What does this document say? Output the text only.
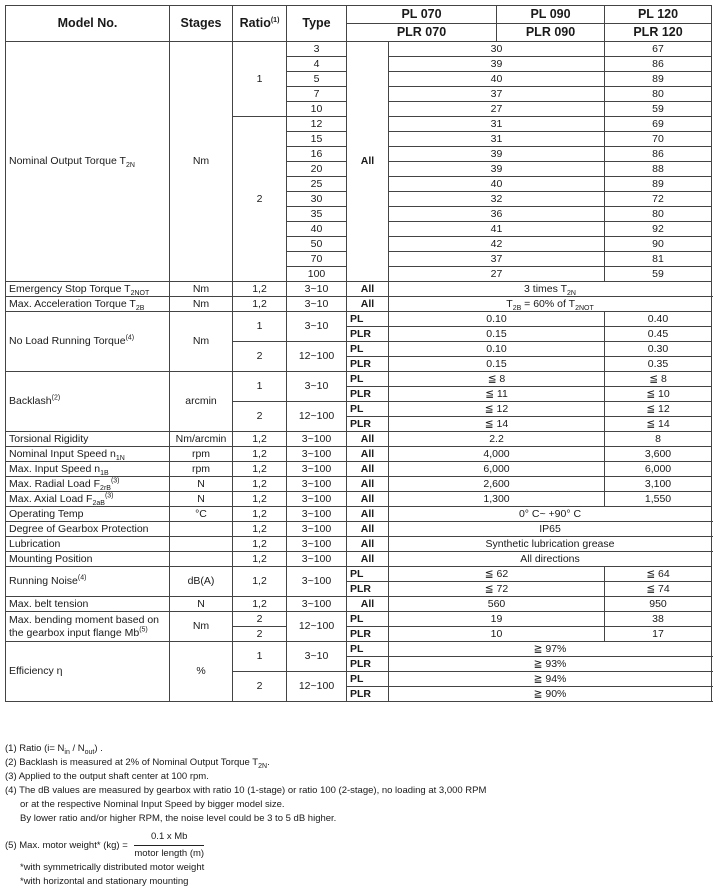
Model No.	Stages	Ratio$^{(1)}$	Type	PL 070		PL 090	PL 120	
				PLR 070		PLR 090	PLR 120	
Nominal Output Torque $T_{2N}$	Nm	1	3	All	30		67	
			4		39		86	
			5		40		89	
			7		37		80	
			10		27		59	
		2	12		31		69	
			15		31		70	
			16		39		86	
			20		39		88	
			25		40		89	
			30		32		72	
			35		36		80	
			40		41		92	
			50		42		90	
			70		37		81	
			100		27		59	
Emergency Stop Torque $T_{2NOT}$	Nm	1,2	3~10	All	3 times $T_{2N}$
Max. Acceleration Torque $T_{2B}$	Nm	1,2	3~10	All	$T_{2B} = 60\%$ of $T_{2NOT}$
No Load Running Torque$^{(4)}$	Nm	1	3~10	PL	0.10		0.40	
				PLR	0.15		0.45	
		2	12~100	PL	0.10		0.30	
				PLR	0.15		0.35	
Backlash$^{(2)}$	arcmin	1	3~10	PL	≦ 8		≦ 8	
				PLR	≦ 11		≦ 10	
		2	12~100	PL	≦ 12		≦ 12	
				PLR	≦ 14		≦ 14	
Torsional Rigidity	Nm/arcmin	1,2	3~100	All	2.2		8	
Nominal Input Speed $n_{1N}$	rpm	1,2	3~100	All	4,000		3,600	
Max. Input Speed $n_{1B}$	rpm	1,2	3~100	All	6,000		6,000	
Max. Radial Load $F_{2rB}^{(3)}$	N	1,2	3~100	All	2,600		3,100	
Max. Axial Load $F_{2aB}^{(3)}$	N	1,2	3~100	All	1,300		1,550	
Operating Temp	°C	1,2	3~100	All	0° C~ +90° C			
Degree of Gearbox Protection		1,2	3~100	All	IP65			
Lubrication		1,2	3~100	All	Synthetic lubrication grease			
Mounting Position		1,2	3~100	All	All directions			
Running Noise$^{(4)}$	dB(A)	1,2	3~100	PL	≦ 62		≦ 64	
				PLR	≦ 72		≦ 74	
Max. belt tension	N	1,2	3~100	All	560		950	
Max. bending moment based on
the gearbox input flange Mb$^{(5)}$	Nm	2	12~100	PL	19		38	
		2		PLR	10		17	
Efficiency η	%	1	3~10	PL	≧ 97%			
				PLR	≧ 93%			
		2	12~100	PL	≧ 94%			
				PLR	≧ 90%			
(1) Ratio $(i= N_{in} / N_{out})$ .
(2) Backlash is measured at 2% of Nominal Output Torque $T_{2N}$.
(3) Applied to the output shaft center at 100 rpm.
(4) The dB values are measured by gearbox with ratio 10 (1-stage) or ratio 100 (2-stage), no loading at 3,000 RPM
or at the respective Nominal Input Speed by bigger model size.
By lower ratio and/or higher RPM, the noise level could be 3 to 5 dB higher.
(5) Max. motor weight* $(kg) = \frac{\text{0.1 x Mb}}{\text{motor length (m)}}$
*with symmetrically distributed motor weight
*with horizontal and stationary mounting
